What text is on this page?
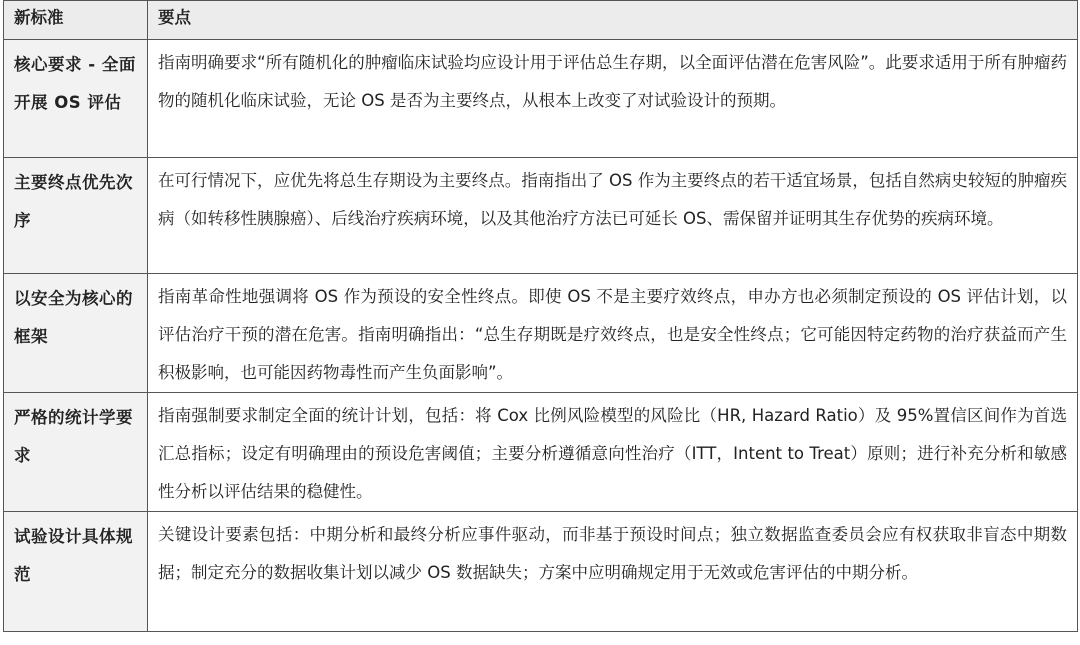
新标准	要点
核心要求 - 全面开展 OS 评估	指南明确要求“所有随机化的肿瘤临床试验均应设计用于评估总生存期，以全面评估潜在危害风险”。此要求适用于所有肿瘤药物的随机化临床试验，无论 OS 是否为主要终点，从根本上改变了对试验设计的预期。
主要终点优先次序	在可行情况下，应优先将总生存期设为主要终点。指南指出了 OS 作为主要终点的若干适宜场景，包括自然病史较短的肿瘤疾病（如转移性胰腺癌）、后线治疗疾病环境，以及其他治疗方法已可延长 OS、需保留并证明其生存优势的疾病环境。
以安全为核心的框架	指南革命性地强调将 OS 作为预设的安全性终点。即使 OS 不是主要疗效终点，申办方也必须制定预设的 OS 评估计划，以评估治疗干预的潜在危害。指南明确指出：“总生存期既是疗效终点，也是安全性终点；它可能因特定药物的治疗获益而产生积极影响，也可能因药物毒性而产生负面影响”。
严格的统计学要求	指南强制要求制定全面的统计计划，包括：将 Cox 比例风险模型的风险比（HR, Hazard Ratio）及 95%置信区间作为首选汇总指标；设定有明确理由的预设危害阈值；主要分析遵循意向性治疗（ITT，Intent to Treat）原则；进行补充分析和敏感性分析以评估结果的稳健性。
试验设计具体规范	关键设计要素包括：中期分析和最终分析应事件驱动，而非基于预设时间点；独立数据监查委员会应有权获取非盲态中期数据；制定充分的数据收集计划以减少 OS 数据缺失；方案中应明确规定用于无效或危害评估的中期分析。
